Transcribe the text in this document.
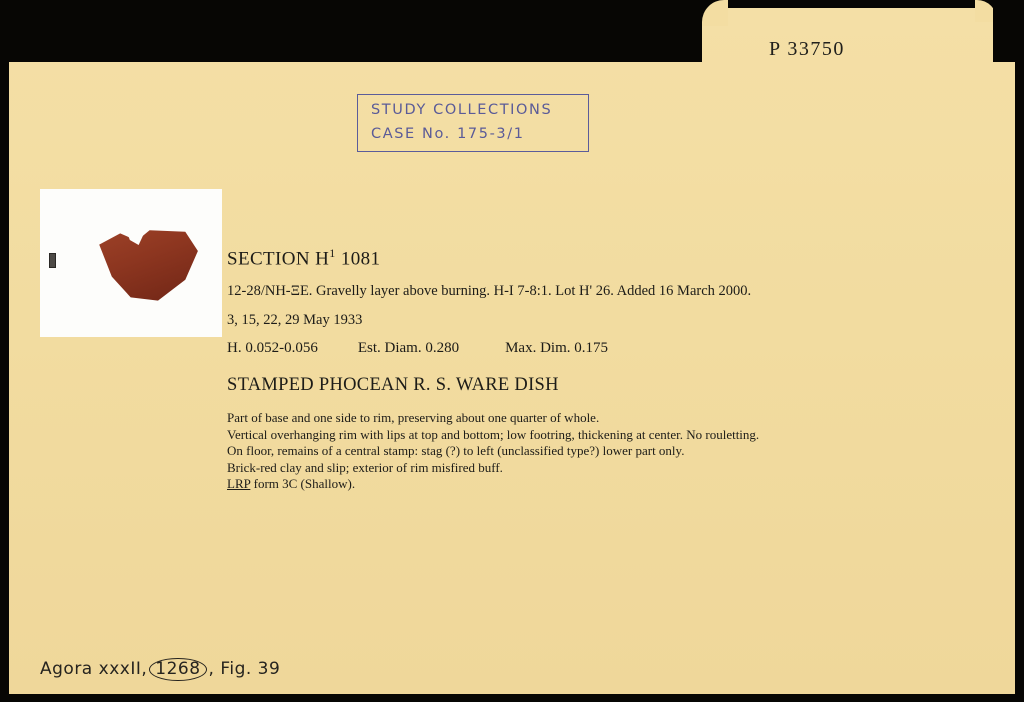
P 33750
STUDY COLLECTIONS
CASE No. 175-3/1
SECTION $H^1$ 1081

12-28/NH-ΞE. Gravelly layer above burning. H-I 7-8:1. Lot H' 26. Added 16 March 2000.

3, 15, 22, 29 May 1933

H. 0.052-0.056	Est. Diam. 0.280	Max. Dim. 0.175
STAMPED PHOCEAN R. S. WARE DISH
Part of base and one side to rim, preserving about one quarter of whole.
Vertical overhanging rim with lips at top and bottom; low footring, thickening at center. No rouletting.
On floor, remains of a central stamp: stag (?) to left (unclassified type?) lower part only.
Brick-red clay and slip; exterior of rim misfired buff.
LRP form 3C (Shallow).
Agora xxxII, 1268 , Fig. 39
